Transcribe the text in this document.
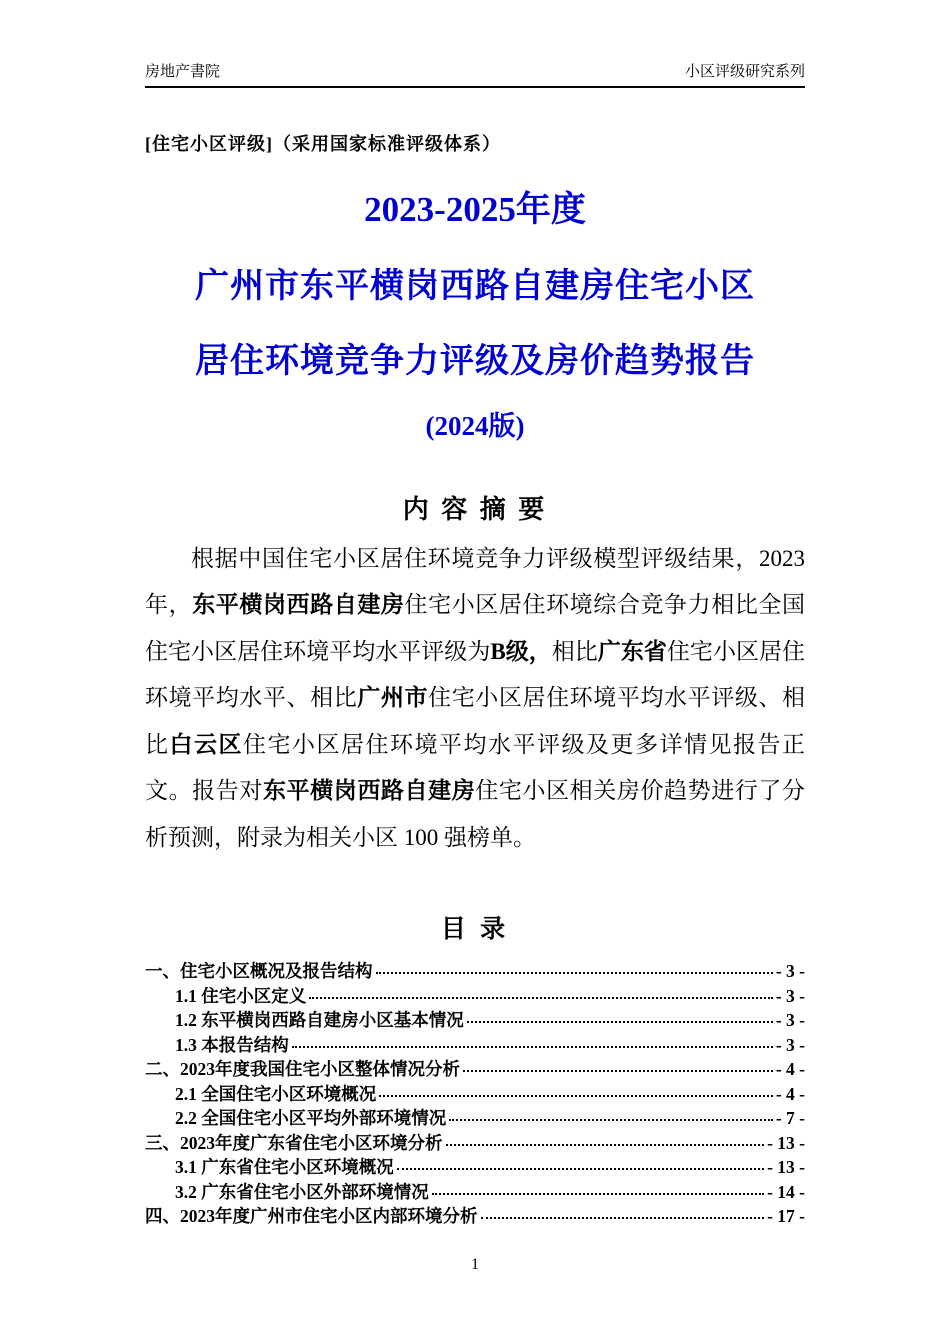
房地产書院	小区评级研究系列
[住宅小区评级]（采用国家标准评级体系）
2023-2025年度
广州市东平横岗西路自建房住宅小区
居住环境竞争力评级及房价趋势报告
(2024版)
内 容 摘 要

根据中国住宅小区居住环境竞争力评级模型评级结果，2023 年，东平横岗西路自建房住宅小区居住环境综合竞争力相比全国住宅小区居住环境平均水平评级为B级，相比广东省住宅小区居住环境平均水平、相比广州市住宅小区居住环境平均水平评级、相比白云区住宅小区居住环境平均水平评级及更多详情见报告正文。报告对东平横岗西路自建房住宅小区相关房价趋势进行了分析预测，附录为相关小区 100 强榜单。

目 录
一、住宅小区概况及报告结构	- 3 -
1.1 住宅小区定义	- 3 -
1.2 东平横岗西路自建房小区基本情况	- 3 -
1.3 本报告结构	- 3 -
二、2023年度我国住宅小区整体情况分析	- 4 -
2.1 全国住宅小区环境概况	- 4 -
2.2 全国住宅小区平均外部环境情况	- 7 -
三、2023年度广东省住宅小区环境分析	- 13 -
3.1 广东省住宅小区环境概况	- 13 -
3.2 广东省住宅小区外部环境情况	- 14 -
四、2023年度广州市住宅小区内部环境分析	- 17 -
1
